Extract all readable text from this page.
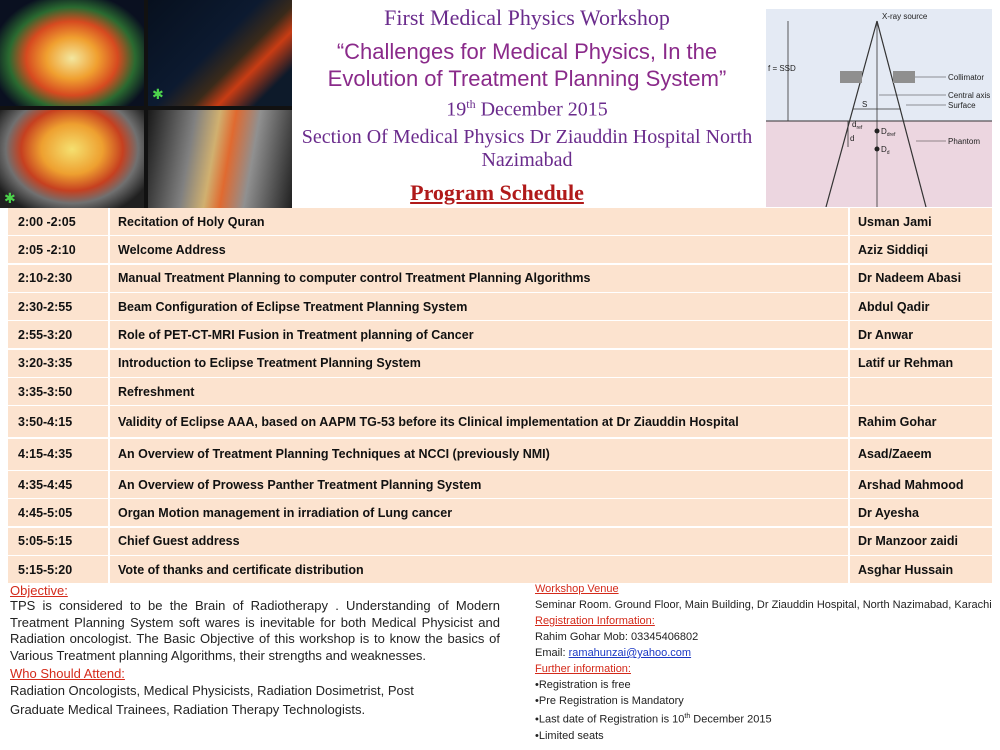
✱
✱
First Medical Physics Workshop
“Challenges for Medical Physics, In the
Evolution of Treatment Planning System”
19th December 2015
Section Of Medical Physics Dr Ziauddin Hospital North
Nazimabad
Program Schedule
X-ray source
f = SSD
Collimator
Central axis
Surface
Phantom
S
d
$d_{ref}$ $D_{dref}$
$D_d$
2:00 -2:05	Recitation of Holy Quran	Usman Jami
2:05 -2:10	Welcome Address	Aziz Siddiqi
2:10-2:30	Manual Treatment Planning to computer control Treatment Planning Algorithms	Dr Nadeem Abasi
2:30-2:55	Beam Configuration of Eclipse Treatment Planning System	Abdul Qadir
2:55-3:20	Role of PET-CT-MRI Fusion in Treatment planning of Cancer	Dr Anwar
3:20-3:35	Introduction to Eclipse Treatment Planning System	Latif ur Rehman
3:35-3:50	Refreshment
3:50-4:15	Validity of Eclipse AAA, based on AAPM TG-53 before its Clinical implementation at Dr Ziauddin Hospital	Rahim Gohar
4:15-4:35	An Overview of Treatment Planning Techniques at NCCI (previously NMI)	Asad/Zaeem
4:35-4:45	An Overview of Prowess Panther Treatment Planning System	Arshad Mahmood
4:45-5:05	Organ Motion management in irradiation of Lung cancer	Dr Ayesha
5:05-5:15	Chief Guest address	Dr Manzoor zaidi
5:15-5:20	Vote of thanks and certificate distribution	Asghar Hussain
Objective:
TPS is considered to be the Brain of Radiotherapy . Understanding of Modern Treatment Planning System soft wares is inevitable for both Medical Physicist and Radiation oncologist. The Basic Objective of this workshop is to know the basics of Various Treatment planning Algorithms, their strengths and weaknesses.
Who Should Attend:
Radiation Oncologists, Medical Physicists, Radiation Dosimetrist, Post
Graduate Medical Trainees, Radiation Therapy Technologists.
Workshop Venue
Seminar Room. Ground Floor, Main Building, Dr Ziauddin Hospital, North Nazimabad, Karachi
Registration Information:
Rahim Gohar Mob: 03345406802
Email: ramahunzai@yahoo.com
Further information:
•Registration is free
•Pre Registration is Mandatory
•Last date of Registration is 10th December 2015
•Limited seats
